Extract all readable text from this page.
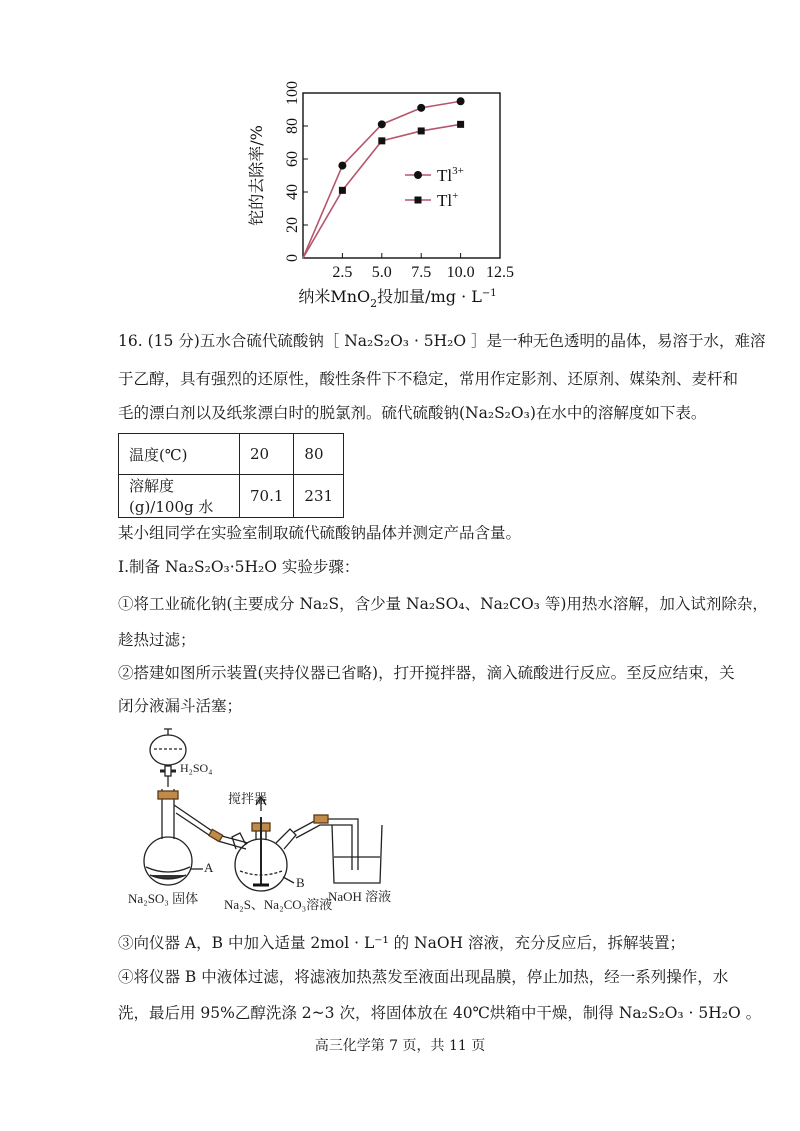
0
20
40
60
80
100
2.5 5.0 7.5 10.0 12.5
铊的去除率/%
纳米MnO$_2$投加量$/mg \cdot L^{-1}$
$Tl^{3+}$
Tl+
16. (15 分)五水合硫代硫酸钠［ Na₂S₂O₃ · 5H₂O ］是一种无色透明的晶体，易溶于水，难溶
于乙醇，具有强烈的还原性，酸性条件下不稳定，常用作定影剂、还原剂、媒染剂、麦杆和
毛的漂白剂以及纸浆漂白时的脱氯剂。硫代硫酸钠(Na₂S₂O₃)在水中的溶解度如下表。
温度(℃)	20	80
溶解度(g)/100g 水	70.1	231
某小组同学在实验室制取硫代硫酸钠晶体并测定产品含量。
I.制备 Na₂S₂O₃·5H₂O 实验步骤：
①将工业硫化钠(主要成分 Na₂S，含少量 Na₂SO₄、Na₂CO₃ 等)用热水溶解，加入试剂除杂，
趁热过滤；
②搭建如图所示装置(夹持仪器已省略)，打开搅拌器，滴入硫酸进行反应。至反应结束，关
闭分液漏斗活塞；
H₂SO₄
A
Na₂SO₃ 固体
搅拌器
B
Na₂S、Na₂CO₃溶液
NaOH 溶液
③向仪器 A，B 中加入适量 2mol · L⁻¹ 的 NaOH 溶液，充分反应后，拆解装置；
④将仪器 B 中液体过滤，将滤液加热蒸发至液面出现晶膜，停止加热，经一系列操作，水
洗，最后用 95%乙醇洗涤 2~3 次，将固体放在 40℃烘箱中干燥，制得 Na₂S₂O₃ · 5H₂O 。
高三化学第 7 页，共 11 页
